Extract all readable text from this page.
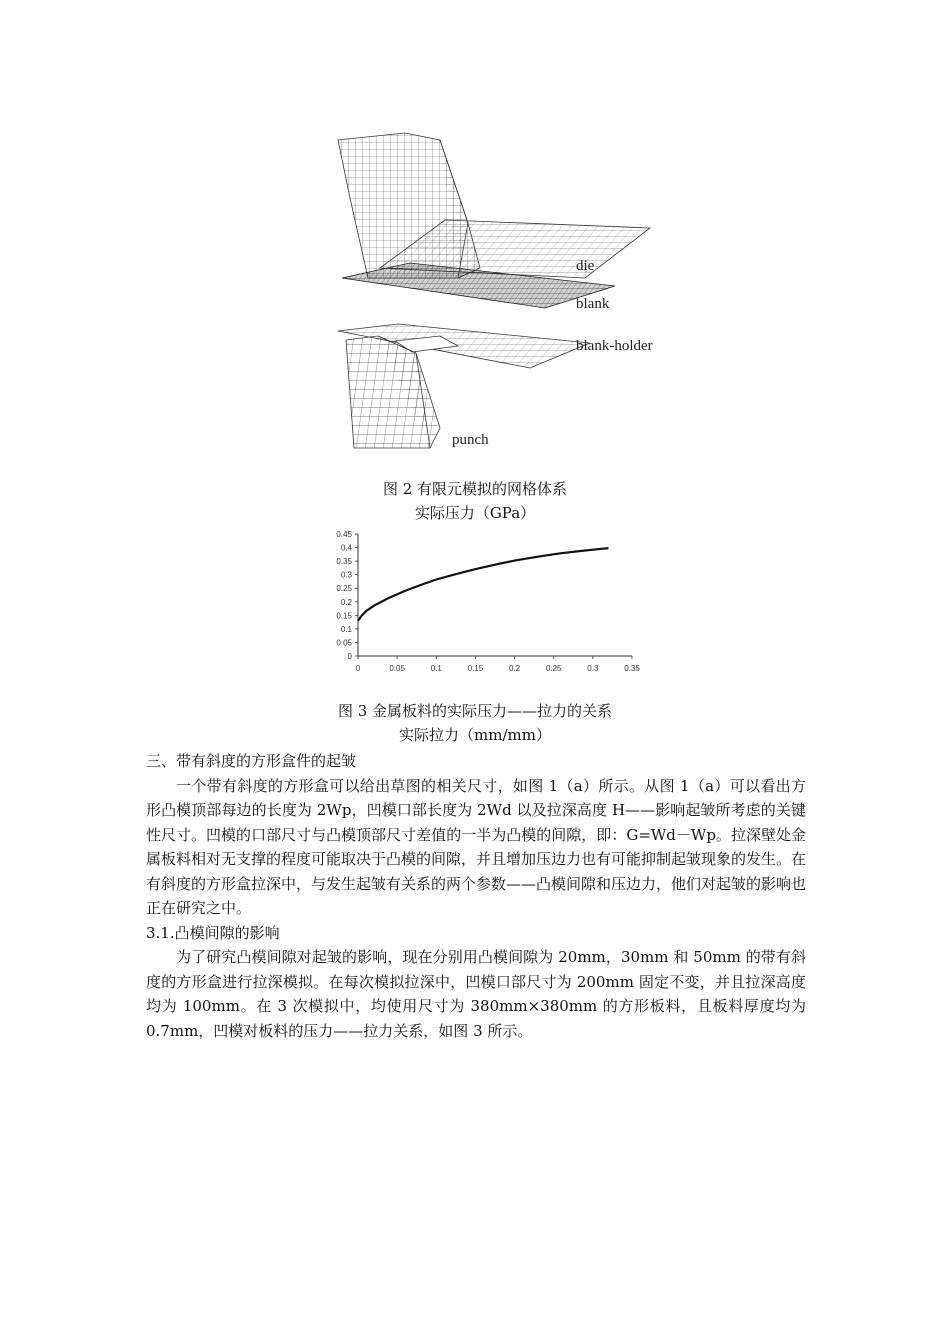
die
blank
blank-holder
punch
图 2 有限元模拟的网格体系
实际压力（GPa）
0
0.05
0.1
0.15
0.2
0.25
0.3
0.35
0.4
0.45
0	0.05	0.1	0.15	0.2	0.25	0.3	0.35
图 3 金属板料的实际压力——拉力的关系
实际拉力（mm/mm）

三、带有斜度的方形盒件的起皱

一个带有斜度的方形盒可以给出草图的相关尺寸，如图 1（a）所示。从图 1（a）可以看出方形凸模顶部每边的长度为 2Wp，凹模口部长度为 2Wd 以及拉深高度 H——影响起皱所考虑的关键性尺寸。凹模的口部尺寸与凸模顶部尺寸差值的一半为凸模的间隙，即：G=Wd－Wp。拉深壁处金属板料相对无支撑的程度可能取决于凸模的间隙，并且增加压边力也有可能抑制起皱现象的发生。在有斜度的方形盒拉深中，与发生起皱有关系的两个参数——凸模间隙和压边力，他们对起皱的影响也正在研究之中。

3.1.凸模间隙的影响

为了研究凸模间隙对起皱的影响，现在分别用凸模间隙为 20mm，30mm 和 50mm 的带有斜度的方形盒进行拉深模拟。在每次模拟拉深中，凹模口部尺寸为 200mm 固定不变，并且拉深高度均为 100mm。在 3 次模拟中，均使用尺寸为 380mm×380mm 的方形板料，且板料厚度均为 0.7mm，凹模对板料的压力——拉力关系，如图 3 所示。
